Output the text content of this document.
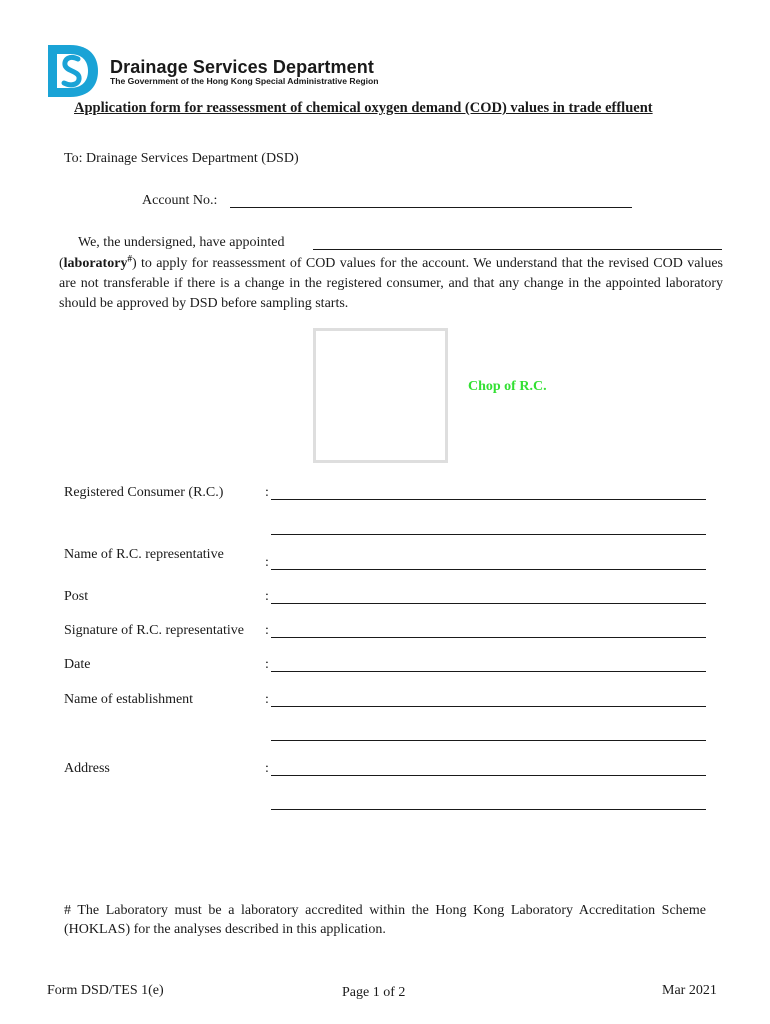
Drainage Services Department
The Government of the Hong Kong Special Administrative Region
Application form for reassessment of chemical oxygen demand (COD) values in trade effluent
To: Drainage Services Department (DSD)
Account No.:
We, the undersigned, have appointed
(laboratory#) to apply for reassessment of COD values for the account. We understand that the revised COD values are not transferable if there is a change in the registered consumer, and that any change in the appointed laboratory should be approved by DSD before sampling starts.
Chop of R.C.
Registered Consumer (R.C.)	:
Name of R.C. representative
:
Post	:
Signature of R.C. representative :
Date	:
Name of establishment	:
Address	:
# The Laboratory must be a laboratory accredited within the Hong Kong Laboratory Accreditation Scheme (HOKLAS) for the analyses described in this application.
Form DSD/TES 1(e)	Page 1 of 2	Mar 2021
